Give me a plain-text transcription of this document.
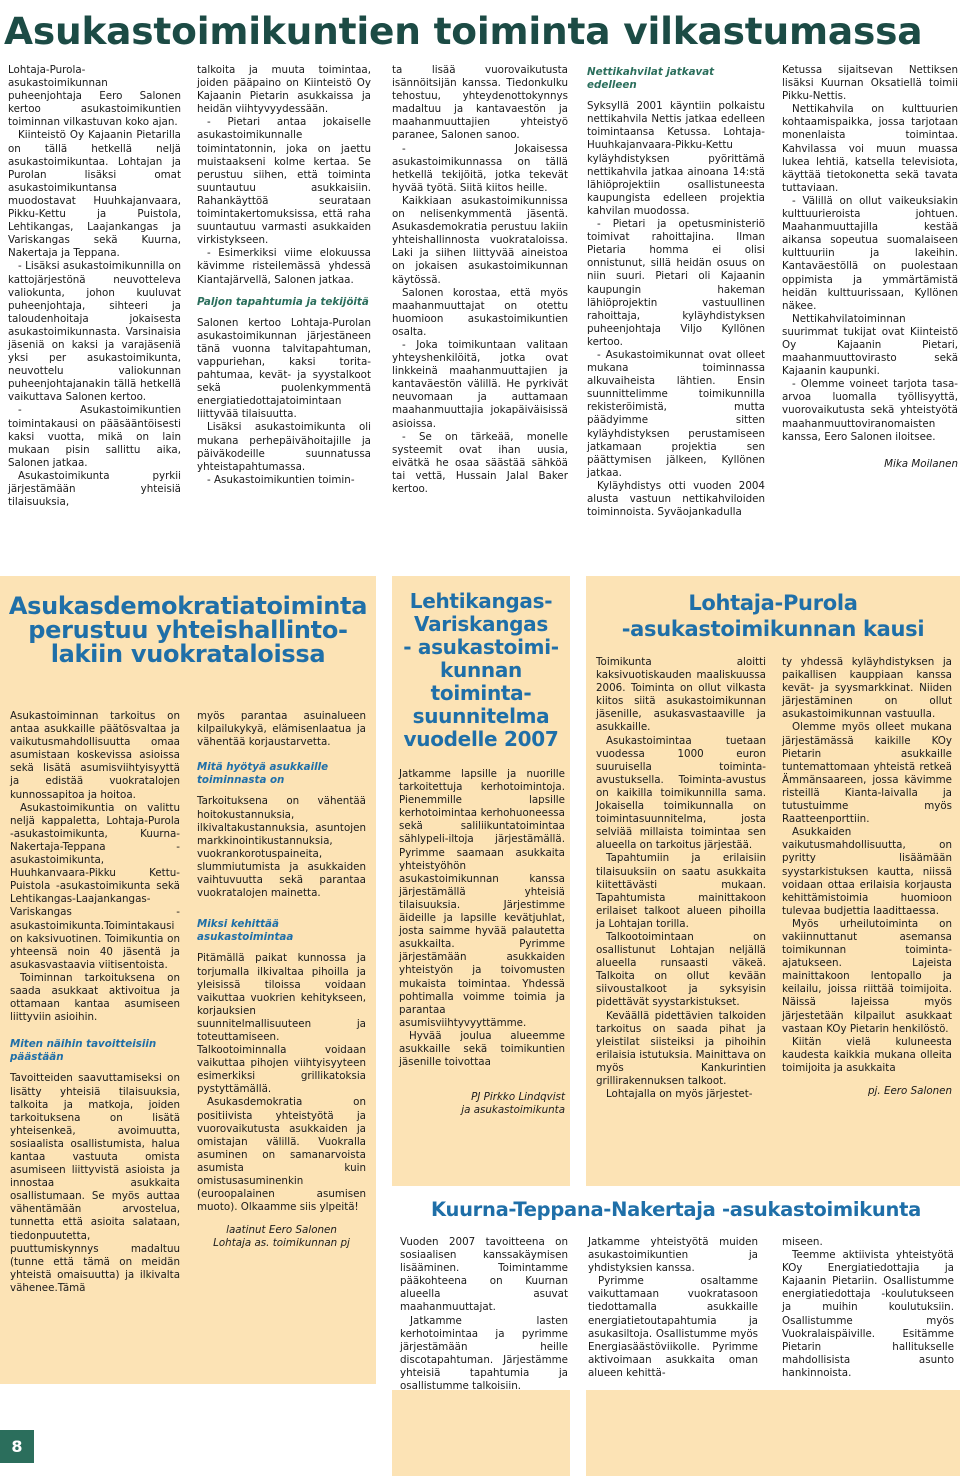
Asukastoimikuntien toiminta vilkastumassa

Lohtaja-Purola-asukastoimikunnan puheenjohtaja Eero Salonen kertoo asukastoimikuntien toiminnan vilkastuvan koko ajan.

Kiinteistö Oy Kajaanin Pietarilla on tällä hetkellä neljä asukastoimikuntaa. Lohtajan ja Purolan lisäksi omat asukastoimikuntansa muodostavat Huuhkajanvaara, Pikku-Kettu ja Puistola, Lehtikangas, Laajankangas ja Variskangas sekä Kuurna, Nakertaja ja Teppana.

- Lisäksi asukastoimikunnilla on kattojärjestönä neuvotteleva valiokunta, johon kuuluvat puheenjohtaja, sihteeri ja taloudenhoitaja jokaisesta asukastoimikunnasta. Varsinaisia jäseniä on kaksi ja varajäseniä yksi per asukastoimikunta, neuvottelu valiokunnan puheenjohtajanakin tällä hetkellä vaikuttava Salonen kertoo.

- Asukastoimikuntien toimintakausi on pääsääntöisesti kaksi vuotta, mikä on lain mukaan pisin sallittu aika, Salonen jatkaa.

Asukastoimikunta pyrkii järjestämään yhteisiä tilaisuuksia,

talkoita ja muuta toimintaa, joiden pääpaino on Kiinteistö Oy Kajaanin Pietarin asukkaissa ja heidän viihtyvyydessään.

- Pietari antaa jokaiselle asukastoimikunnalle toimintatonnin, joka on jaettu muistaakseni kolme kertaa. Se perustuu siihen, että toiminta suuntautuu asukkaisiin. Rahankäyttöä seurataan toimintakertomuksissa, että raha suuntautuu varmasti asukkaiden virkistykseen.

- Esimerkiksi viime elokuussa kävimme risteilemässä yhdessä Kiantajärvellä, Salonen jatkaa.

Paljon tapahtumia ja tekijöitä

Salonen kertoo Lohtaja-Purolan asukastoimikunnan järjestäneen tänä vuonna talvitapahtuman, vappuriehan, kaksi torita-pahtumaa, kevät- ja syystalkoot sekä puolenkymmentä energiatiedottajatoimintaan liittyvää tilaisuutta.

Lisäksi asukastoimikunta oli mukana perhepäivähoitajille ja päiväkodeille suunnatussa yhteistapahtumassa.

- Asukastoimikuntien toimin-

ta lisää vuorovaikutusta isännöitsijän kanssa. Tiedonkulku tehostuu, yhteydenottokynnys madaltuu ja kantavaestön ja maahanmuuttajien yhteistyö paranee, Salonen sanoo.

- Jokaisessa asukastoimikunnassa on tällä hetkellä tekijöitä, jotka tekevät hyvää työtä. Siitä kiitos heille.

Kaikkiaan asukastoimikunnissa on nelisenkymmentä jäsentä. Asukasdemokratia perustuu lakiin yhteishallinnosta vuokrataloissa. Laki ja siihen liittyvää aineistoa on jokaisen asukastoimikunnan käytössä.

Salonen korostaa, että myös maahanmuuttajat on otettu huomioon asukastoimikuntien osalta.

- Joka toimikuntaan valitaan yhteyshenkilöitä, jotka ovat linkkeinä maahanmuuttajien ja kantaväestön välillä. He pyrkivät neuvomaan ja auttamaan maahanmuuttajia jokapäiväisissä asioissa.

- Se on tärkeää, monelle systeemit ovat ihan uusia, eivätkä he osaa säästää sähköä tai vettä, Hussain Jalal Baker kertoo.

Nettikahvilat jatkavat edelleen

Syksyllä 2001 käyntiin polkaistu nettikahvila Nettis jatkaa edelleen toimintaansa Ketussa. Lohtaja-Huuhkajanvaara-Pikku-Kettu kyläyhdistyksen pyörittämä nettikahvila jatkaa ainoana 14:stä lähiöprojektiin osallistuneesta kaupungista edelleen projektia kahvilan muodossa.

- Pietari ja opetusministeriö toimivat rahoittajina. Ilman Pietaria homma ei olisi onnistunut, sillä heidän osuus on niin suuri. Pietari oli Kajaanin kaupungin hakeman lähiöprojektin vastuullinen rahoittaja, kyläyhdistyksen puheenjohtaja Viljo Kyllönen kertoo.

- Asukastoimikunnat ovat olleet mukana toiminnassa alkuvaiheista lähtien. Ensin suunnittelimme toimikunnilla rekisteröimistä, mutta päädyimme sitten kyläyhdistyksen perustamiseen jatkamaan projektia sen päättymisen jälkeen, Kyllönen jatkaa.

Kyläyhdistys otti vuoden 2004 alusta vastuun nettikahviloiden toiminnoista. Syväojankadulla

Ketussa sijaitsevan Nettiksen lisäksi Kuurnan Oksatiellä toimii Pikku-Nettis.

Nettikahvila on kulttuurien kohtaamispaikka, jossa tarjotaan monenlaista toimintaa. Kahvilassa voi muun muassa lukea lehtiä, katsella televisiota, käyttää tietokonetta sekä tavata tuttaviaan.

- Välillä on ollut vaikeuksiakin kulttuurieroista johtuen. Maahanmuuttajilla kestää aikansa sopeutua suomalaiseen kulttuuriin ja lakeihin. Kantaväestöllä on puolestaan oppimista ja ymmärtämistä heidän kulttuurissaan, Kyllönen näkee.

Nettikahvilatoiminnan suurimmat tukijat ovat Kiinteistö Oy Kajaanin Pietari, maahanmuuttovirasto sekä Kajaanin kaupunki.

- Olemme voineet tarjota tasa-arvoa luomalla työllisyyttä, vuorovaikutusta sekä yhteistyötä maahanmuuttoviranomaisten kanssa, Eero Salonen iloitsee.

Mika Moilanen

Asukasdemokratiatoiminta
perustuu yhteishallinto-
lakiin vuokrataloissa

Asukastoiminnan tarkoitus on antaa asukkaille päätösvaltaa ja vaikutusmahdollisuutta omaa asumistaan koskevissa asioissa sekä lisätä asumisviihtyisyyttä ja edistää vuokratalojen kunnossapitoa ja hoitoa.

Asukastoimikuntia on valittu neljä kappaletta, Lohtaja-Purola -asukastoimikunta, Kuurna-Nakertaja-Teppana -asukastoimikunta, Huuhkanvaara-Pikku Kettu-Puistola -asukastoimikunta sekä Lehtikangas-Laajankangas-Variskangas -asukastoimikunta.Toimintakausi on kaksivuotinen. Toimikuntia on yhteensä noin 40 jäsentä ja asukasvastaavia viitisentoista.

Toiminnan tarkoituksena on saada asukkaat aktivoitua ja ottamaan kantaa asumiseen liittyviin asioihin.

Miten näihin tavoitteisiin päästään

Tavoitteiden saavuttamiseksi on lisätty yhteisiä tilaisuuksia, talkoita ja matkoja, joiden tarkoituksena on lisätä yhteisenkeä, avoimuutta, sosiaalista osallistumista, halua kantaa vastuuta omista asumiseen liittyvistä asioista ja innostaa asukkaita osallistumaan. Se myös auttaa vähentämään arvostelua, tunnetta että asioita salataan, tiedonpuutetta, puuttumiskynnys madaltuu (tunne että tämä on meidän yhteistä omaisuutta) ja ilkivalta vähenee.Tämä

myös parantaa asuinalueen kilpailukykyä, elämisenlaatua ja vähentää korjaustarvetta.

Mitä hyötyä asukkaille toiminnasta on

Tarkoituksena on vähentää hoitokustannuksia, ilkivaltakustannuksia, asuntojen markkinointikustannuksia, vuokrankorotuspaineita, slummiutumista ja asukkaiden vaihtuvuutta sekä parantaa vuokratalojen mainetta.

Miksi kehittää asukastoimintaa

Pitämällä paikat kunnossa ja torjumalla ilkivaltaa pihoilla ja yleisissä tiloissa voidaan vaikuttaa vuokrien kehitykseen, korjauksien suunnitelmallisuuteen ja toteuttamiseen. Talkootoiminnalla voidaan vaikuttaa pihojen viihtyisyyteen esimerkiksi grillikatoksia pystyttämällä.

Asukasdemokratia on positiivista yhteistyötä ja vuorovaikutusta asukkaiden ja omistajan välillä. Vuokralla asuminen on samanarvoista asumista kuin omistusasuminenkin (euroopalainen asumisen muoto). Olkaamme siis ylpeitä!

laatinut Eero Salonen
Lohtaja as. toimikunnan pj
Lehtikangas-
Variskangas
- asukastoimi-
kunnan
toiminta-
suunnitelma
vuodelle 2007

Jatkamme lapsille ja nuorille tarkoitettuja kerhotoimintoja. Pienemmille lapsille kerhotoimintaa kerhohuoneessa sekä saliliikuntatoimintaa sählypeli-iltoja järjestämällä. Pyrimme saamaan asukkaita yhteistyöhön asukastoimikunnan kanssa järjestämällä yhteisiä tilaisuuksia. Järjestimme äideille ja lapsille kevätjuhlat, josta saimme hyvää palautetta asukkailta. Pyrimme järjestämään asukkaiden yhteistyön ja toivomusten mukaista toimintaa. Yhdessä pohtimalla voimme toimia ja parantaa asumisviihtyvyyttämme.

Hyvää joulua alueemme asukkaille sekä toimikuntien jäsenille toivottaa

PJ Pirkko Lindqvist
ja asukastoimikunta
Lohtaja-Purola
-asukastoimikunnan kausi

Toimikunta aloitti kaksivuotiskauden maaliskuussa 2006. Toiminta on ollut vilkasta kiitos siitä asukastoimikunnan jäsenille, asukasvastaaville ja asukkaille.

Asukastoimintaa tuetaan vuodessa 1000 euron suuruisella toiminta-avustuksella. Toiminta-avustus on kaikilla toimikunnilla sama. Jokaisella toimikunnalla on toimintasuunnitelma, josta selviää millaista toimintaa sen alueella on tarkoitus järjestää.

Tapahtumiin ja erilaisiin tilaisuuksiin on saatu asukkaita kiitettävästi mukaan. Tapahtumista mainittakoon erilaiset talkoot alueen pihoilla ja Lohtajan torilla.

Talkootoimintaan on osallistunut Lohtajan neljällä alueella runsaasti väkeä. Talkoita on ollut kevään siivoustalkoot ja syksyisin pidettävät syystarkistukset.

Keväällä pidettävien talkoiden tarkoitus on saada pihat ja yleistilat siisteiksi ja pihoihin erilaisia istutuksia. Mainittava on myös Kankurintien grillirakennuksen talkoot.

Lohtajalla on myös järjestet-

ty yhdessä kyläyhdistyksen ja paikallisen kauppiaan kanssa kevät- ja syysmarkkinat. Niiden järjestäminen on ollut asukastoimikunnan vastuulla.

Olemme myös olleet mukana järjestämässä kaikille KOy Pietarin asukkaille tuntemattomaan yhteistä retkeä Ämmänsaareen, jossa kävimme risteillä Kianta-laivalla ja tutustuimme myös Raatteenporttiin.

Asukkaiden vaikutusmahdollisuutta, on pyritty lisäämään syystarkistuksen kautta, niissä voidaan ottaa erilaisia korjausta kehittämistoimia huomioon tulevaa budjettia laadittaessa.

Myös urheilutoiminta on vakiinnuttanut asemansa toimikunnan toiminta-ajatukseen. Lajeista mainittakoon lentopallo ja keilailu, joissa riittää toimijoita. Näissä lajeissa myös järjestetään kilpailut asukkaat vastaan KOy Pietarin henkilöstö.

Kiitän vielä kuluneesta kaudesta kaikkia mukana olleita toimijoita ja asukkaita

pj. Eero Salonen

Kuurna-Teppana-Nakertaja -asukastoimikunta

Vuoden 2007 tavoitteena on sosiaalisen kanssakäymisen lisääminen. Toimintamme pääkohteena on Kuurnan alueella asuvat maahanmuuttajat.

Jatkamme lasten kerhotoimintaa ja pyrimme järjestämään heille discotapahtuman. Järjestämme yhteisiä tapahtumia ja osallistumme talkoisiin.

Jatkamme yhteistyötä muiden asukastoimikuntien ja yhdistyksien kanssa.

Pyrimme osaltamme vaikuttamaan vuokratasoon tiedottamalla asukkaille energiatietoutapahtumia ja asukasiltoja. Osallistumme myös Energiasäästöviikolle. Pyrimme aktivoimaan asukkaita oman alueen kehittä-

miseen.

Teemme aktiivista yhteistyötä KOy Energiatiedottajia ja Kajaanin Pietariin. Osallistumme energiatiedottaja -koulutukseen ja muihin koulutuksiin. Osallistumme myös Vuokralaispäiville. Esitämme Pietarin hallitukselle mahdollisista asunto hankinnoista.

8
